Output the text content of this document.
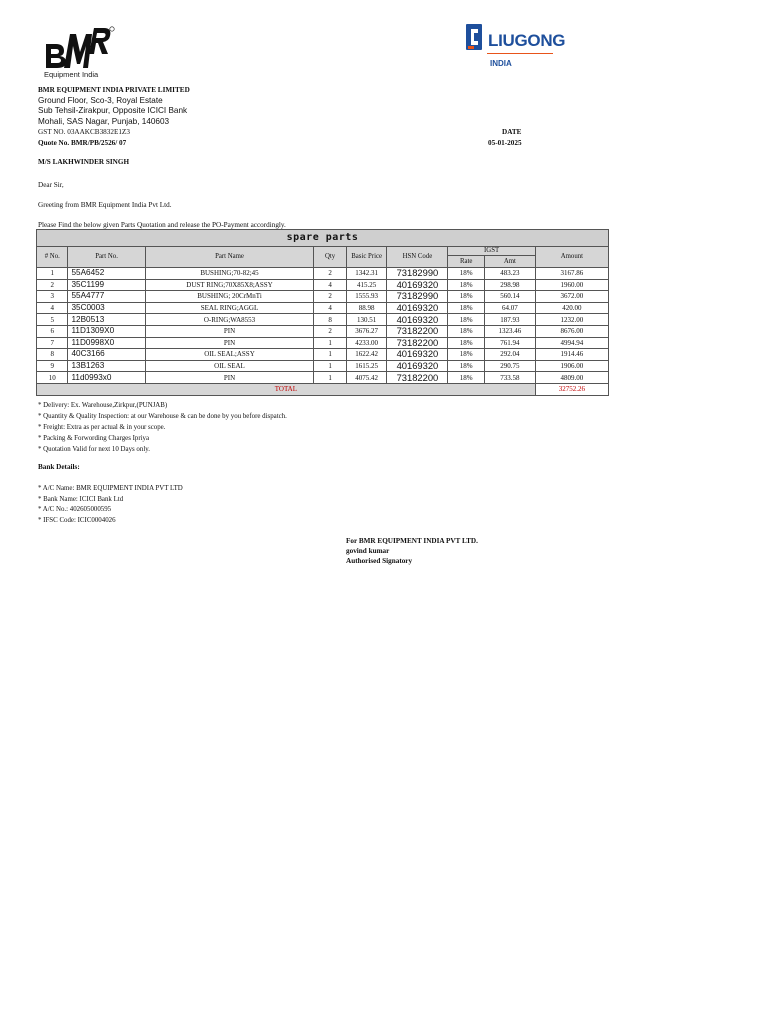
Equipment India
LIUGONG
INDIA
BMR EQUIPMENT INDIA PRIVATE LIMITED
Ground Floor, Sco-3, Royal Estate
Sub Tehsil-Zirakpur, Opposite ICICI Bank
Mohali, SAS Nagar, Punjab, 140603
GST NO. 03AAKCB3832E1Z3
Quote No. BMR/PB/2526/ 07
DATE
05-01-2025
M/S LAKHWINDER SINGH
Dear Sir,
Greeting from BMR Equipment India Pvt Ltd.
Please Find the below given Parts Quotation and release the PO-Payment accordingly.
spare parts								
# No.	Part No.	Part Name	Qty	Basic Price	HSN Code	IGST		Amount
						Rate	Amt	
1	55A6452	BUSHING;70-82;45	2	1342.31	73182990	18%	483.23	3167.86
2	35C1199	DUST RING;70X85X8;ASSY	4	415.25	40169320	18%	298.98	1960.00
3	55A4777	BUSHING; 20CrMnTi	2	1555.93	73182990	18%	560.14	3672.00
4	35C0003	SEAL RING;AGGL	4	88.98	40169320	18%	64.07	420.00
5	12B0513	O-RING;WA8553	8	130.51	40169320	18%	187.93	1232.00
6	11D1309X0	PIN	2	3676.27	73182200	18%	1323.46	8676.00
7	11D0998X0	PIN	1	4233.00	73182200	18%	761.94	4994.94
8	40C3166	OIL SEAL;ASSY	1	1622.42	40169320	18%	292.04	1914.46
9	13B1263	OIL SEAL	1	1615.25	40169320	18%	290.75	1906.00
10	11d0993x0	PIN	1	4075.42	73182200	18%	733.58	4809.00
TOTAL								32752.26
* Delivery: Ex. Warehouse,Zirkpur,(PUNJAB)
* Quantity & Quality Inspection: at our Warehouse & can be done by you before dispatch.
* Freight: Extra as per actual & in your scope.
* Packing & Forwording Charges Ipriya
* Quotation Valid for next 10 Days only.
Bank Details:
* A/C Name: BMR EQUIPMENT INDIA PVT LTD
* Bank Name: ICICI Bank Ltd
* A/C No.: 402605000595
* IFSC Code: ICIC0004026
For BMR EQUIPMENT INDIA PVT LTD.
govind kumar
Authorised Signatory
